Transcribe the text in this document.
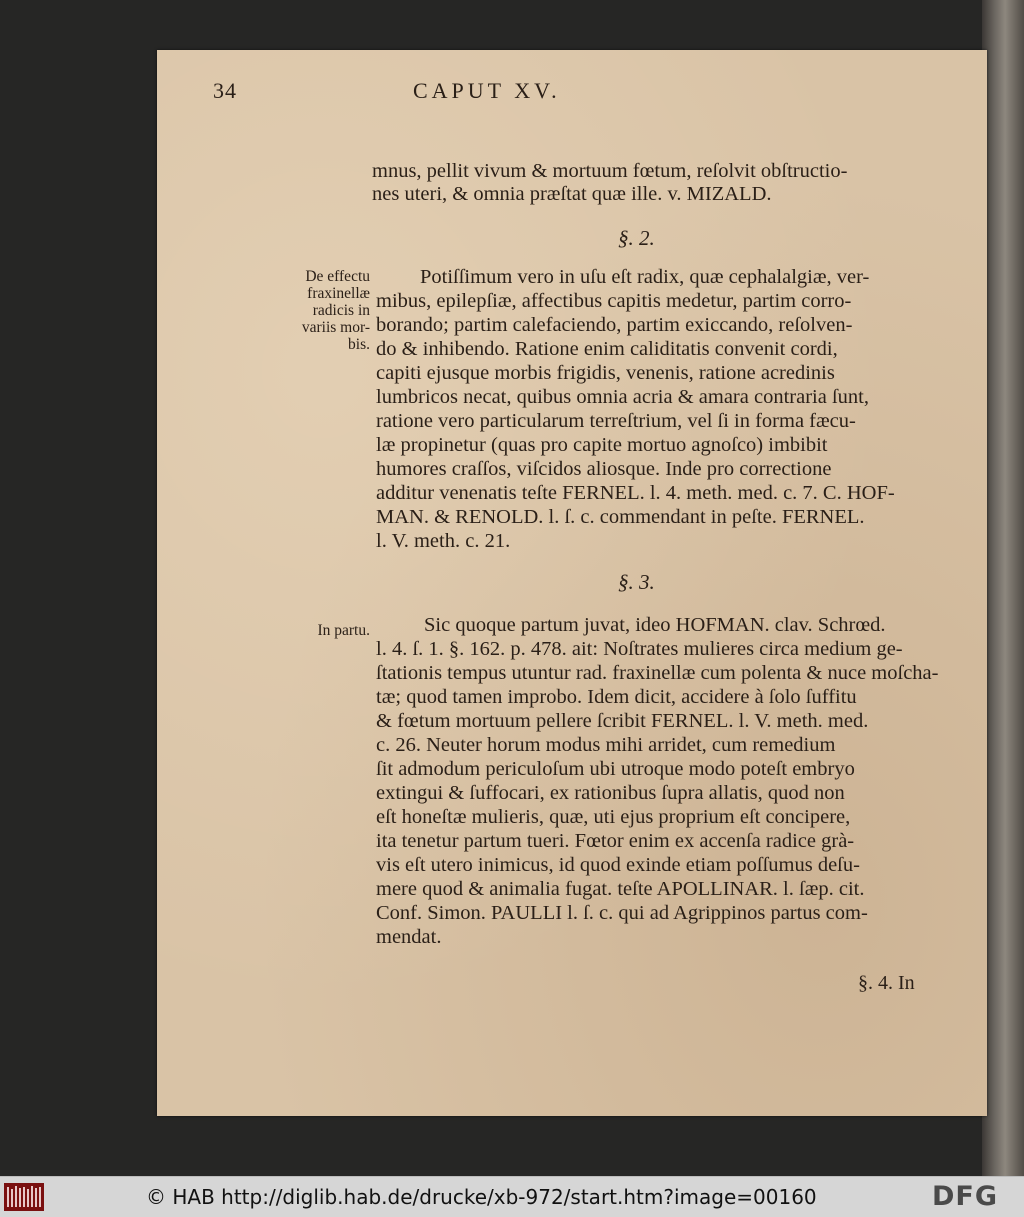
34	CAPUT XV.
mnus, pellit vivum & mortuum fœtum, reſolvit obſtructio-
nes uteri, & omnia præſtat quæ ille. v. MIZALD.
§. 2.
De effectu
fraxinellæ
radicis in
variis mor-
bis.
Potiſſimum vero in uſu eſt radix, quæ cephalalgiæ, ver-
mibus, epilepſiæ, affectibus capitis medetur, partim corro-
borando; partim calefaciendo, partim exiccando, reſolven-
do & inhibendo. Ratione enim caliditatis convenit cordi,
capiti ejusque morbis frigidis, venenis, ratione acredinis
lumbricos necat, quibus omnia acria & amara contraria ſunt,
ratione vero particularum terreſtrium, vel ſi in forma fæcu-
læ propinetur (quas pro capite mortuo agnoſco) imbibit
humores craſſos, viſcidos aliosque. Inde pro correctione
additur venenatis teſte FERNEL. l. 4. meth. med. c. 7. C. HOF-
MAN. & RENOLD. l. ſ. c. commendant in peſte. FERNEL.
l. V. meth. c. 21.
§. 3.
In partu.	Sic quoque partum juvat, ideo HOFMAN. clav. Schrœd.
l. 4. ſ. 1. §. 162. p. 478. ait: Noſtrates mulieres circa medium ge-
ſtationis tempus utuntur rad. fraxinellæ cum polenta & nuce moſcha-
tæ; quod tamen improbo. Idem dicit, accidere à ſolo ſuffitu
& fœtum mortuum pellere ſcribit FERNEL. l. V. meth. med.
c. 26. Neuter horum modus mihi arridet, cum remedium
ſit admodum periculoſum ubi utroque modo poteſt embryo
extingui & ſuffocari, ex rationibus ſupra allatis, quod non
eſt honeſtæ mulieris, quæ, uti ejus proprium eſt concipere,
ita tenetur partum tueri. Fœtor enim ex accenſa radice grà-
vis eſt utero inimicus, id quod exinde etiam poſſumus deſu-
mere quod & animalia fugat. teſte APOLLINAR. l. ſæp. cit.
Conf. Simon. PAULLI l. ſ. c. qui ad Agrippinos partus com-
mendat.
§. 4. In
© HAB http://diglib.hab.de/drucke/xb-972/start.htm?image=00160	DFG
